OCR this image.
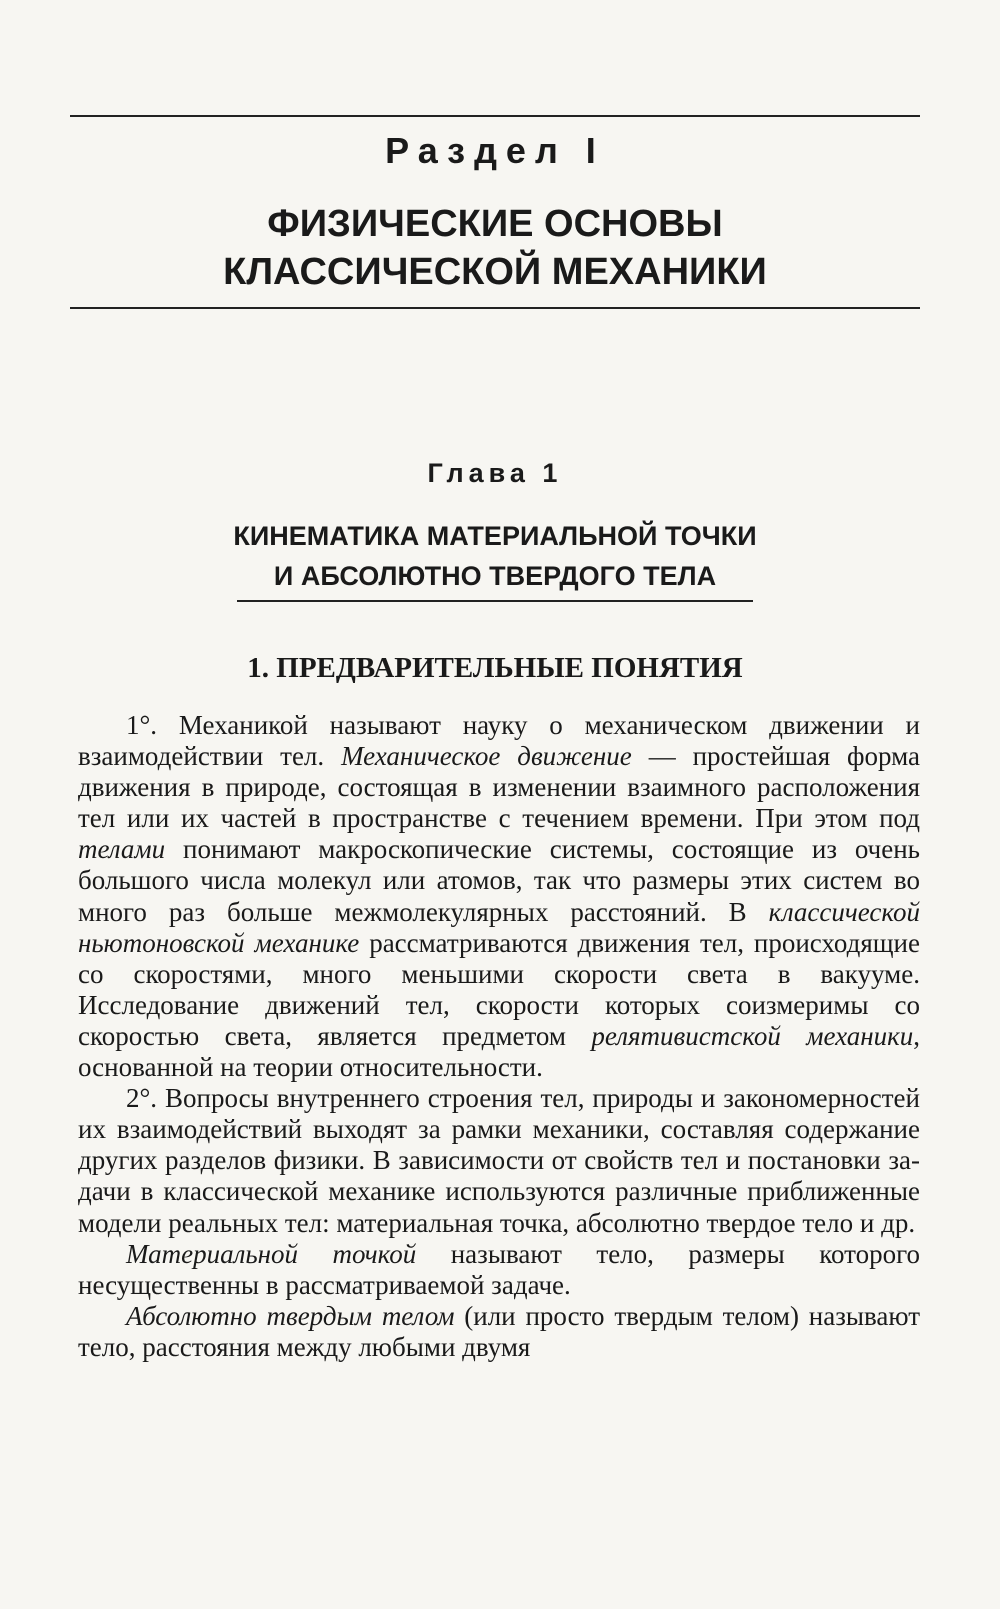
Раздел I
ФИЗИЧЕСКИЕ ОСНОВЫ
КЛАССИЧЕСКОЙ МЕХАНИКИ
Глава 1
КИНЕМАТИКА МАТЕРИАЛЬНОЙ ТОЧКИ
И АБСОЛЮТНО ТВЕРДОГО ТЕЛА
1. ПРЕДВАРИТЕЛЬНЫЕ ПОНЯТИЯ

1°. Механикой называют науку о механическом движении и взаимодействии тел. Механическое движение — простейшая форма движения в природе, состоящая в изменении взаимного расположения тел или их частей в пространстве с течением времени. При этом под телами понимают макроскопические системы, состоящие из очень большого числа молекул или атомов, так что размеры этих систем во много раз больше межмолекулярных расстояний. В классической ньютоновской механике рассматриваются движения тел, происходящие со скоростями, много меньшими скорости света в вакууме. Исследование движений тел, скорости которых соизмеримы со скоростью света, является предметом релятивистской механики, основанной на теории относительности.

2°. Вопросы внутреннего строения тел, природы и закономерностей их взаимодействий выходят за рамки механики, составляя содержание других разделов физики. В зависимости от свойств тел и постановки задачи в классической механике используются различные приближенные модели реальных тел: материальная точка, абсолютно твердое тело и др.

Материальной точкой называют тело, размеры которого несущественны в рассматриваемой задаче.

Абсолютно твердым телом (или просто твердым телом) называют тело, расстояния между любыми двумя
